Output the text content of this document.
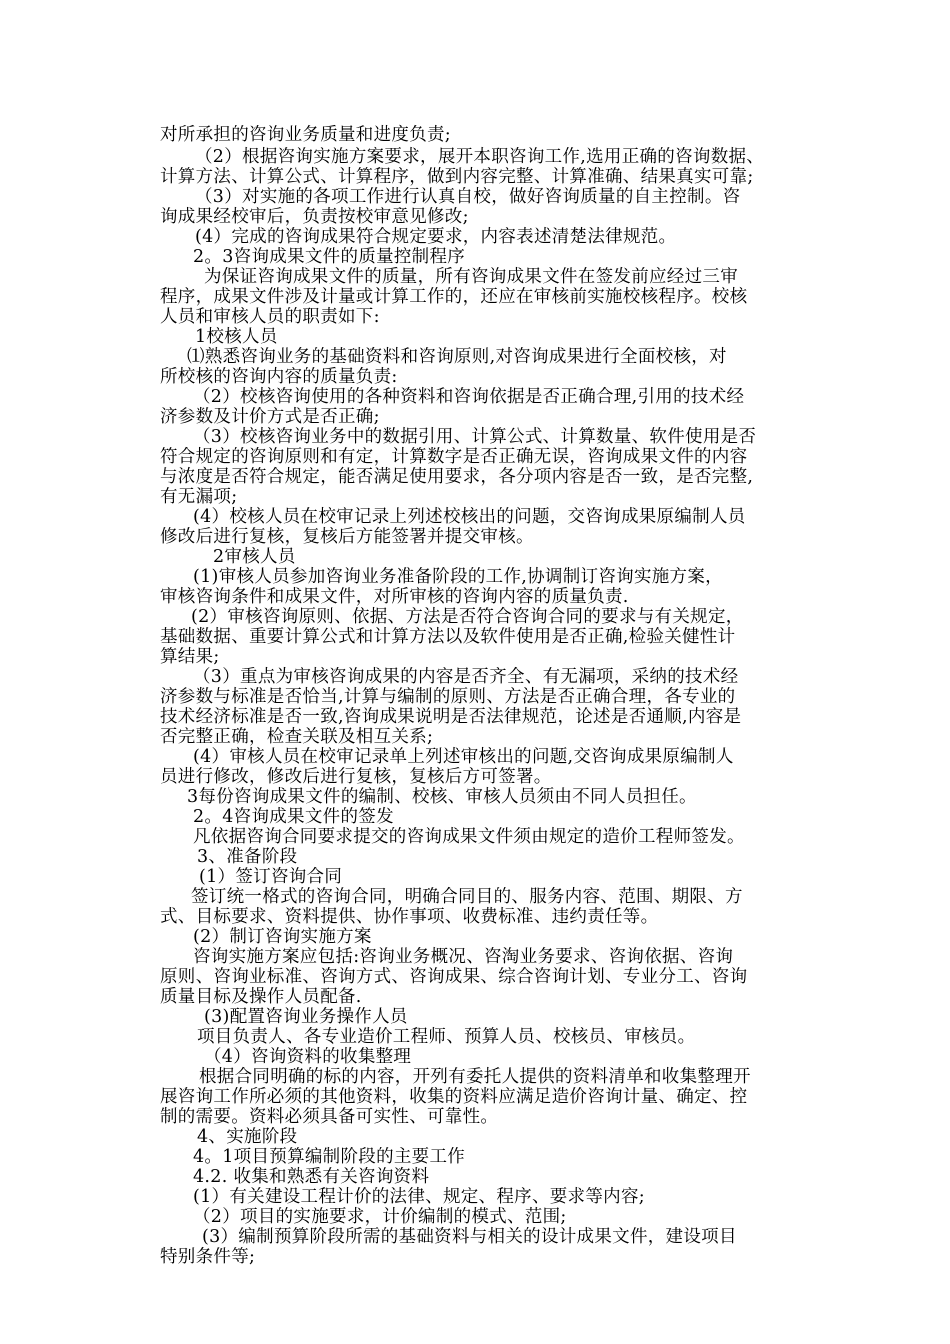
对所承担的咨询业务质量和进度负责;
（2）根据咨询实施方案要求，展开本职咨询工作,选用正确的咨询数据、
计算方法、计算公式、计算程序，做到内容完整、计算准确、结果真实可靠;
（3）对实施的各项工作进行认真自校，做好咨询质量的自主控制。咨
询成果经校审后，负责按校审意见修改;
(4）完成的咨询成果符合规定要求，内容表述清楚法律规范。
2。3咨询成果文件的质量控制程序
为保证咨询成果文件的质量，所有咨询成果文件在签发前应经过三审
程序，成果文件涉及计量或计算工作的，还应在审核前实施校核程序。校核
人员和审核人员的职责如下:
1校核人员
⑴熟悉咨询业务的基础资料和咨询原则,对咨询成果进行全面校核，对
所校核的咨询内容的质量负责:
（2）校核咨询使用的各种资料和咨询依据是否正确合理,引用的技术经
济参数及计价方式是否正确;
（3）校核咨询业务中的数据引用、计算公式、计算数量、软件使用是否
符合规定的咨询原则和有定，计算数字是否正确无误，咨询成果文件的内容
与浓度是否符合规定，能否满足使用要求，各分项内容是否一致，是否完整,
有无漏项;
(4）校核人员在校审记录上列述校核出的问题，交咨询成果原编制人员
修改后进行复核，复核后方能签署并提交审核。
2审核人员
(1)审核人员参加咨询业务准备阶段的工作,协调制订咨询实施方案，
审核咨询条件和成果文件，对所审核的咨询内容的质量负责.
(2）审核咨询原则、依据、方法是否符合咨询合同的要求与有关规定，
基础数据、重要计算公式和计算方法以及软件使用是否正确,检验关健性计
算结果;
（3）重点为审核咨询成果的内容是否齐全、有无漏项，采纳的技术经
济参数与标准是否恰当,计算与编制的原则、方法是否正确合理，各专业的
技术经济标准是否一致,咨询成果说明是否法律规范，论述是否通顺,内容是
否完整正确，检查关联及相互关系;
(4）审核人员在校审记录单上列述审核出的问题,交咨询成果原编制人
员进行修改，修改后进行复核，复核后方可签署。
3每份咨询成果文件的编制、校核、审核人员须由不同人员担任。
2。4咨询成果文件的签发
凡依据咨询合同要求提交的咨询成果文件须由规定的造价工程师签发。
3、准备阶段
(1）签订咨询合同
签订统一格式的咨询合同，明确合同目的、服务内容、范围、期限、方
式、目标要求、资料提供、协作事项、收费标准、违约责任等。
(2）制订咨询实施方案
咨询实施方案应包括:咨询业务概况、咨淘业务要求、咨询依据、咨询
原则、咨询业标准、咨询方式、咨询成果、综合咨询计划、专业分工、咨询
质量目标及操作人员配备.
(3)配置咨询业务操作人员
项目负责人、各专业造价工程师、预算人员、校核员、审核员。
（4）咨询资料的收集整理
根据合同明确的标的内容，开列有委托人提供的资料清单和收集整理开
展咨询工作所必须的其他资料，收集的资料应满足造价咨询计量、确定、控
制的需要。资料必须具备可实性、可靠性。
4、实施阶段
4。1项目预算编制阶段的主要工作
4.2. 收集和熟悉有关咨询资料
(1）有关建设工程计价的法律、规定、程序、要求等内容;
（2）项目的实施要求，计价编制的模式、范围;
(3）编制预算阶段所需的基础资料与相关的设计成果文件，建设项目
特别条件等;
